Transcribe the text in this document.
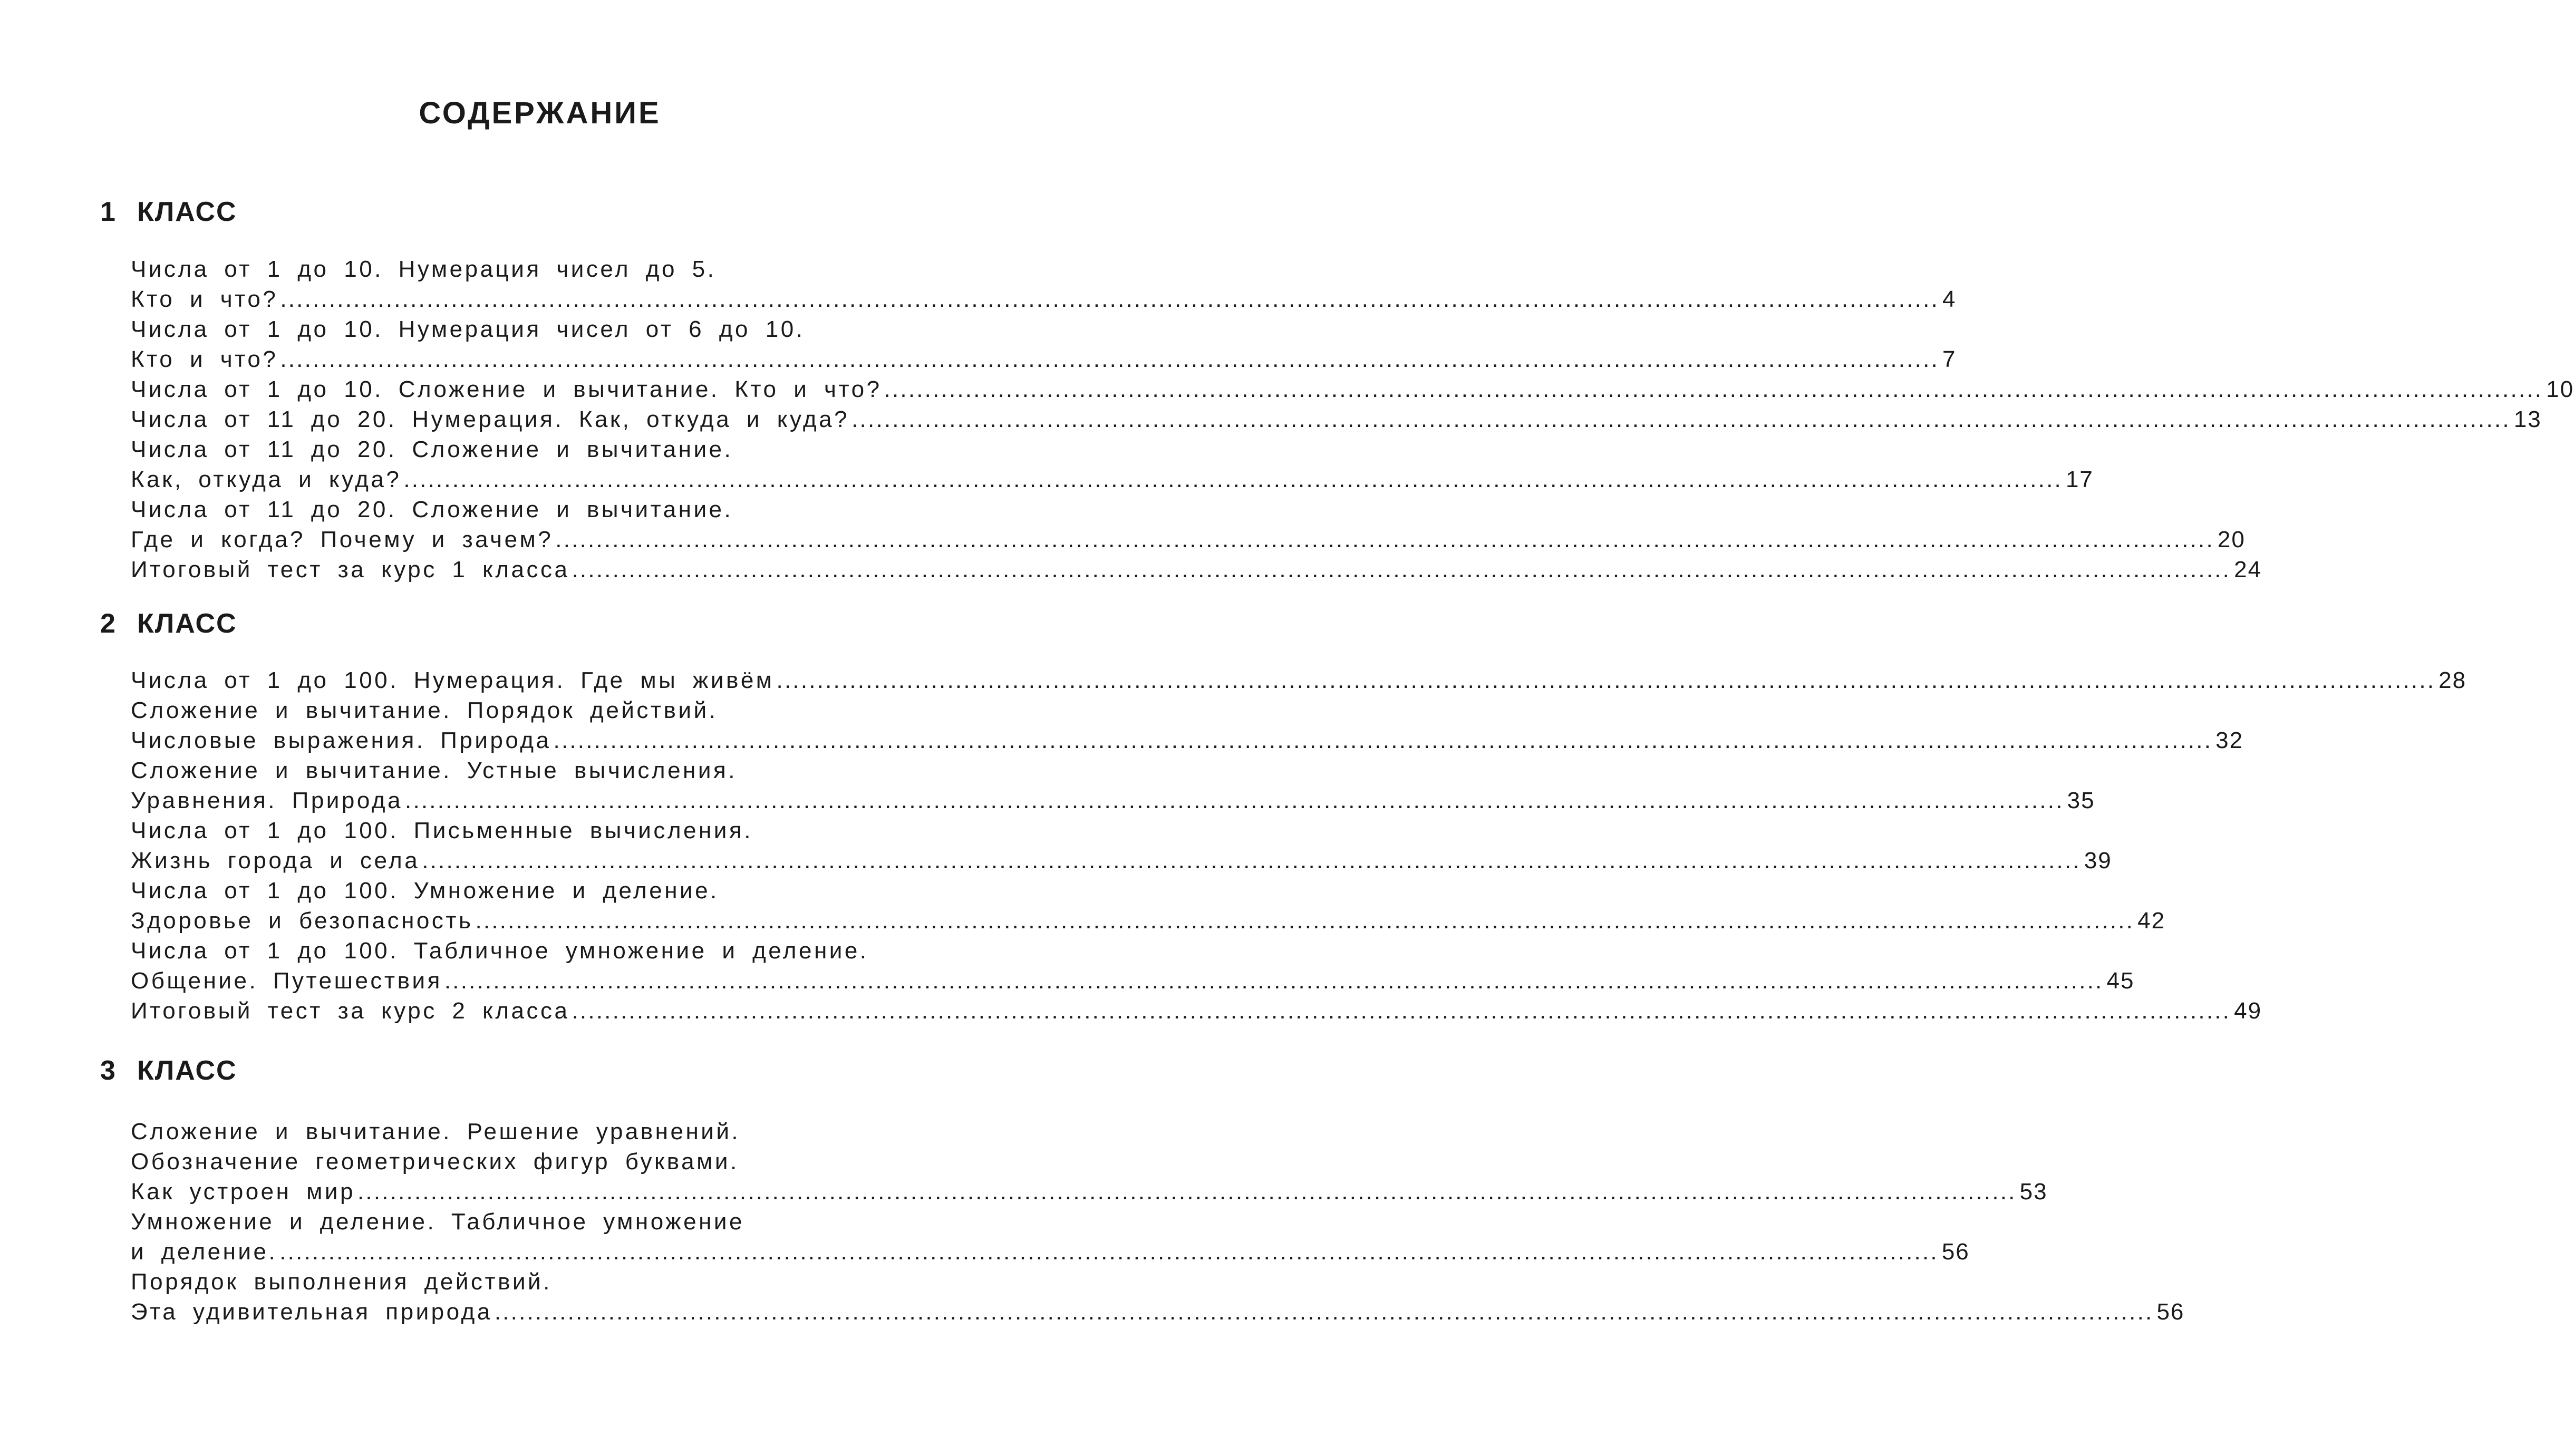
СОДЕРЖАНИЕ
1 КЛАСС
Числа от 1 до 10. Нумерация чисел до 5.
Кто и что? ............................................................................................................................................................................................................ 4
Числа от 1 до 10. Нумерация чисел от 6 до 10.
Кто и что? ............................................................................................................................................................................................................ 7
Числа от 1 до 10. Сложение и вычитание. Кто и что? ............................................................................................................................................................................................................ 10
Числа от 11 до 20. Нумерация. Как, откуда и куда? ............................................................................................................................................................................................................ 13
Числа от 11 до 20. Сложение и вычитание.
Как, откуда и куда? ............................................................................................................................................................................................................ 17
Числа от 11 до 20. Сложение и вычитание.
Где и когда? Почему и зачем? ............................................................................................................................................................................................................ 20
Итоговый тест за курс 1 класса ............................................................................................................................................................................................................ 24
2 КЛАСС
Числа от 1 до 100. Нумерация. Где мы живём ............................................................................................................................................................................................................ 28
Сложение и вычитание. Порядок действий.
Числовые выражения. Природа ............................................................................................................................................................................................................ 32
Сложение и вычитание. Устные вычисления.
Уравнения. Природа ............................................................................................................................................................................................................ 35
Числа от 1 до 100. Письменные вычисления.
Жизнь города и села ............................................................................................................................................................................................................ 39
Числа от 1 до 100. Умножение и деление.
Здоровье и безопасность ............................................................................................................................................................................................................ 42
Числа от 1 до 100. Табличное умножение и деление.
Общение. Путешествия ............................................................................................................................................................................................................ 45
Итоговый тест за курс 2 класса ............................................................................................................................................................................................................ 49
3 КЛАСС
Сложение и вычитание. Решение уравнений.
Обозначение геометрических фигур буквами.
Как устроен мир ............................................................................................................................................................................................................ 53
Умножение и деление. Табличное умножение
и деление. ............................................................................................................................................................................................................ 56
Порядок выполнения действий.
Эта удивительная природа ............................................................................................................................................................................................................ 56
